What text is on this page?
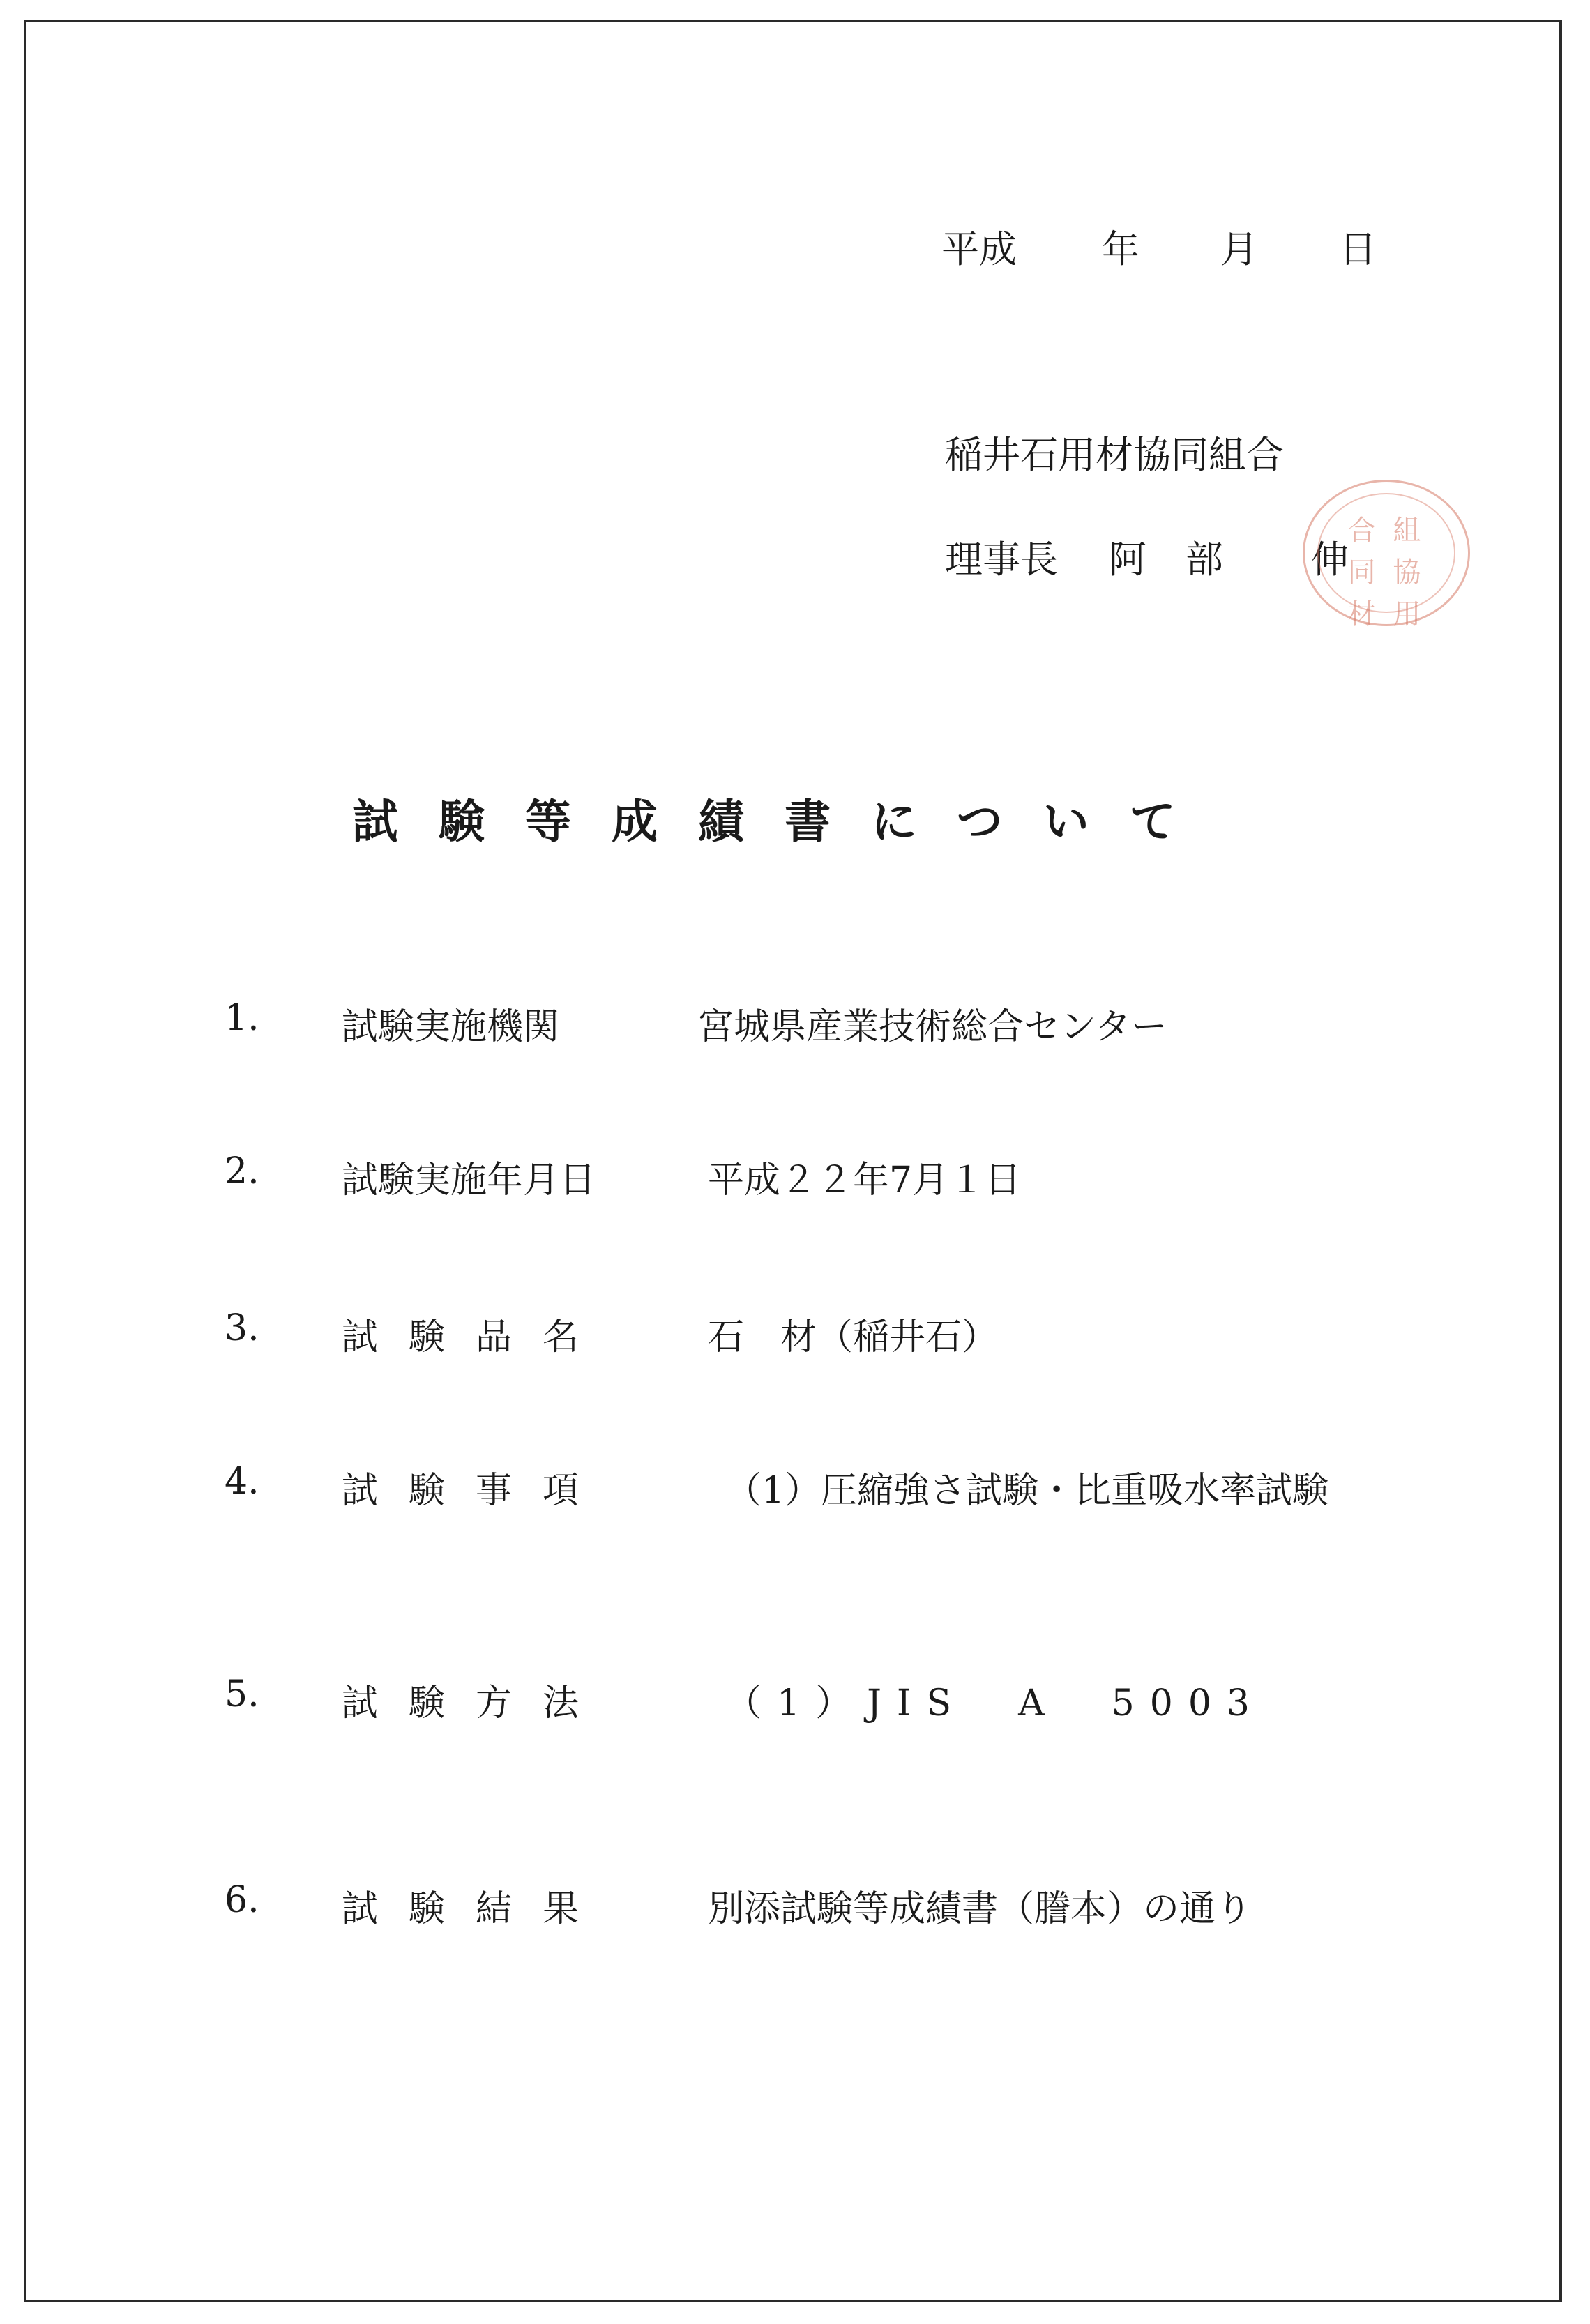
平成 年 月 日
稲井石用材協同組合
理事長 阿 部 伸
合 組
同 協
材 用
試験等成績書について
1. 試験実施機関	宮城県産業技術総合センター
2. 試験実施年月日	平成２２年7月１日
3. 試験品名	石　材（稲井石）
4. 試験事項	（1）圧縮強さ試験・比重吸水率試験
5. 試験方法	（1）JIS　A　5003
6. 試験結果	別添試験等成績書（謄本）の通り
